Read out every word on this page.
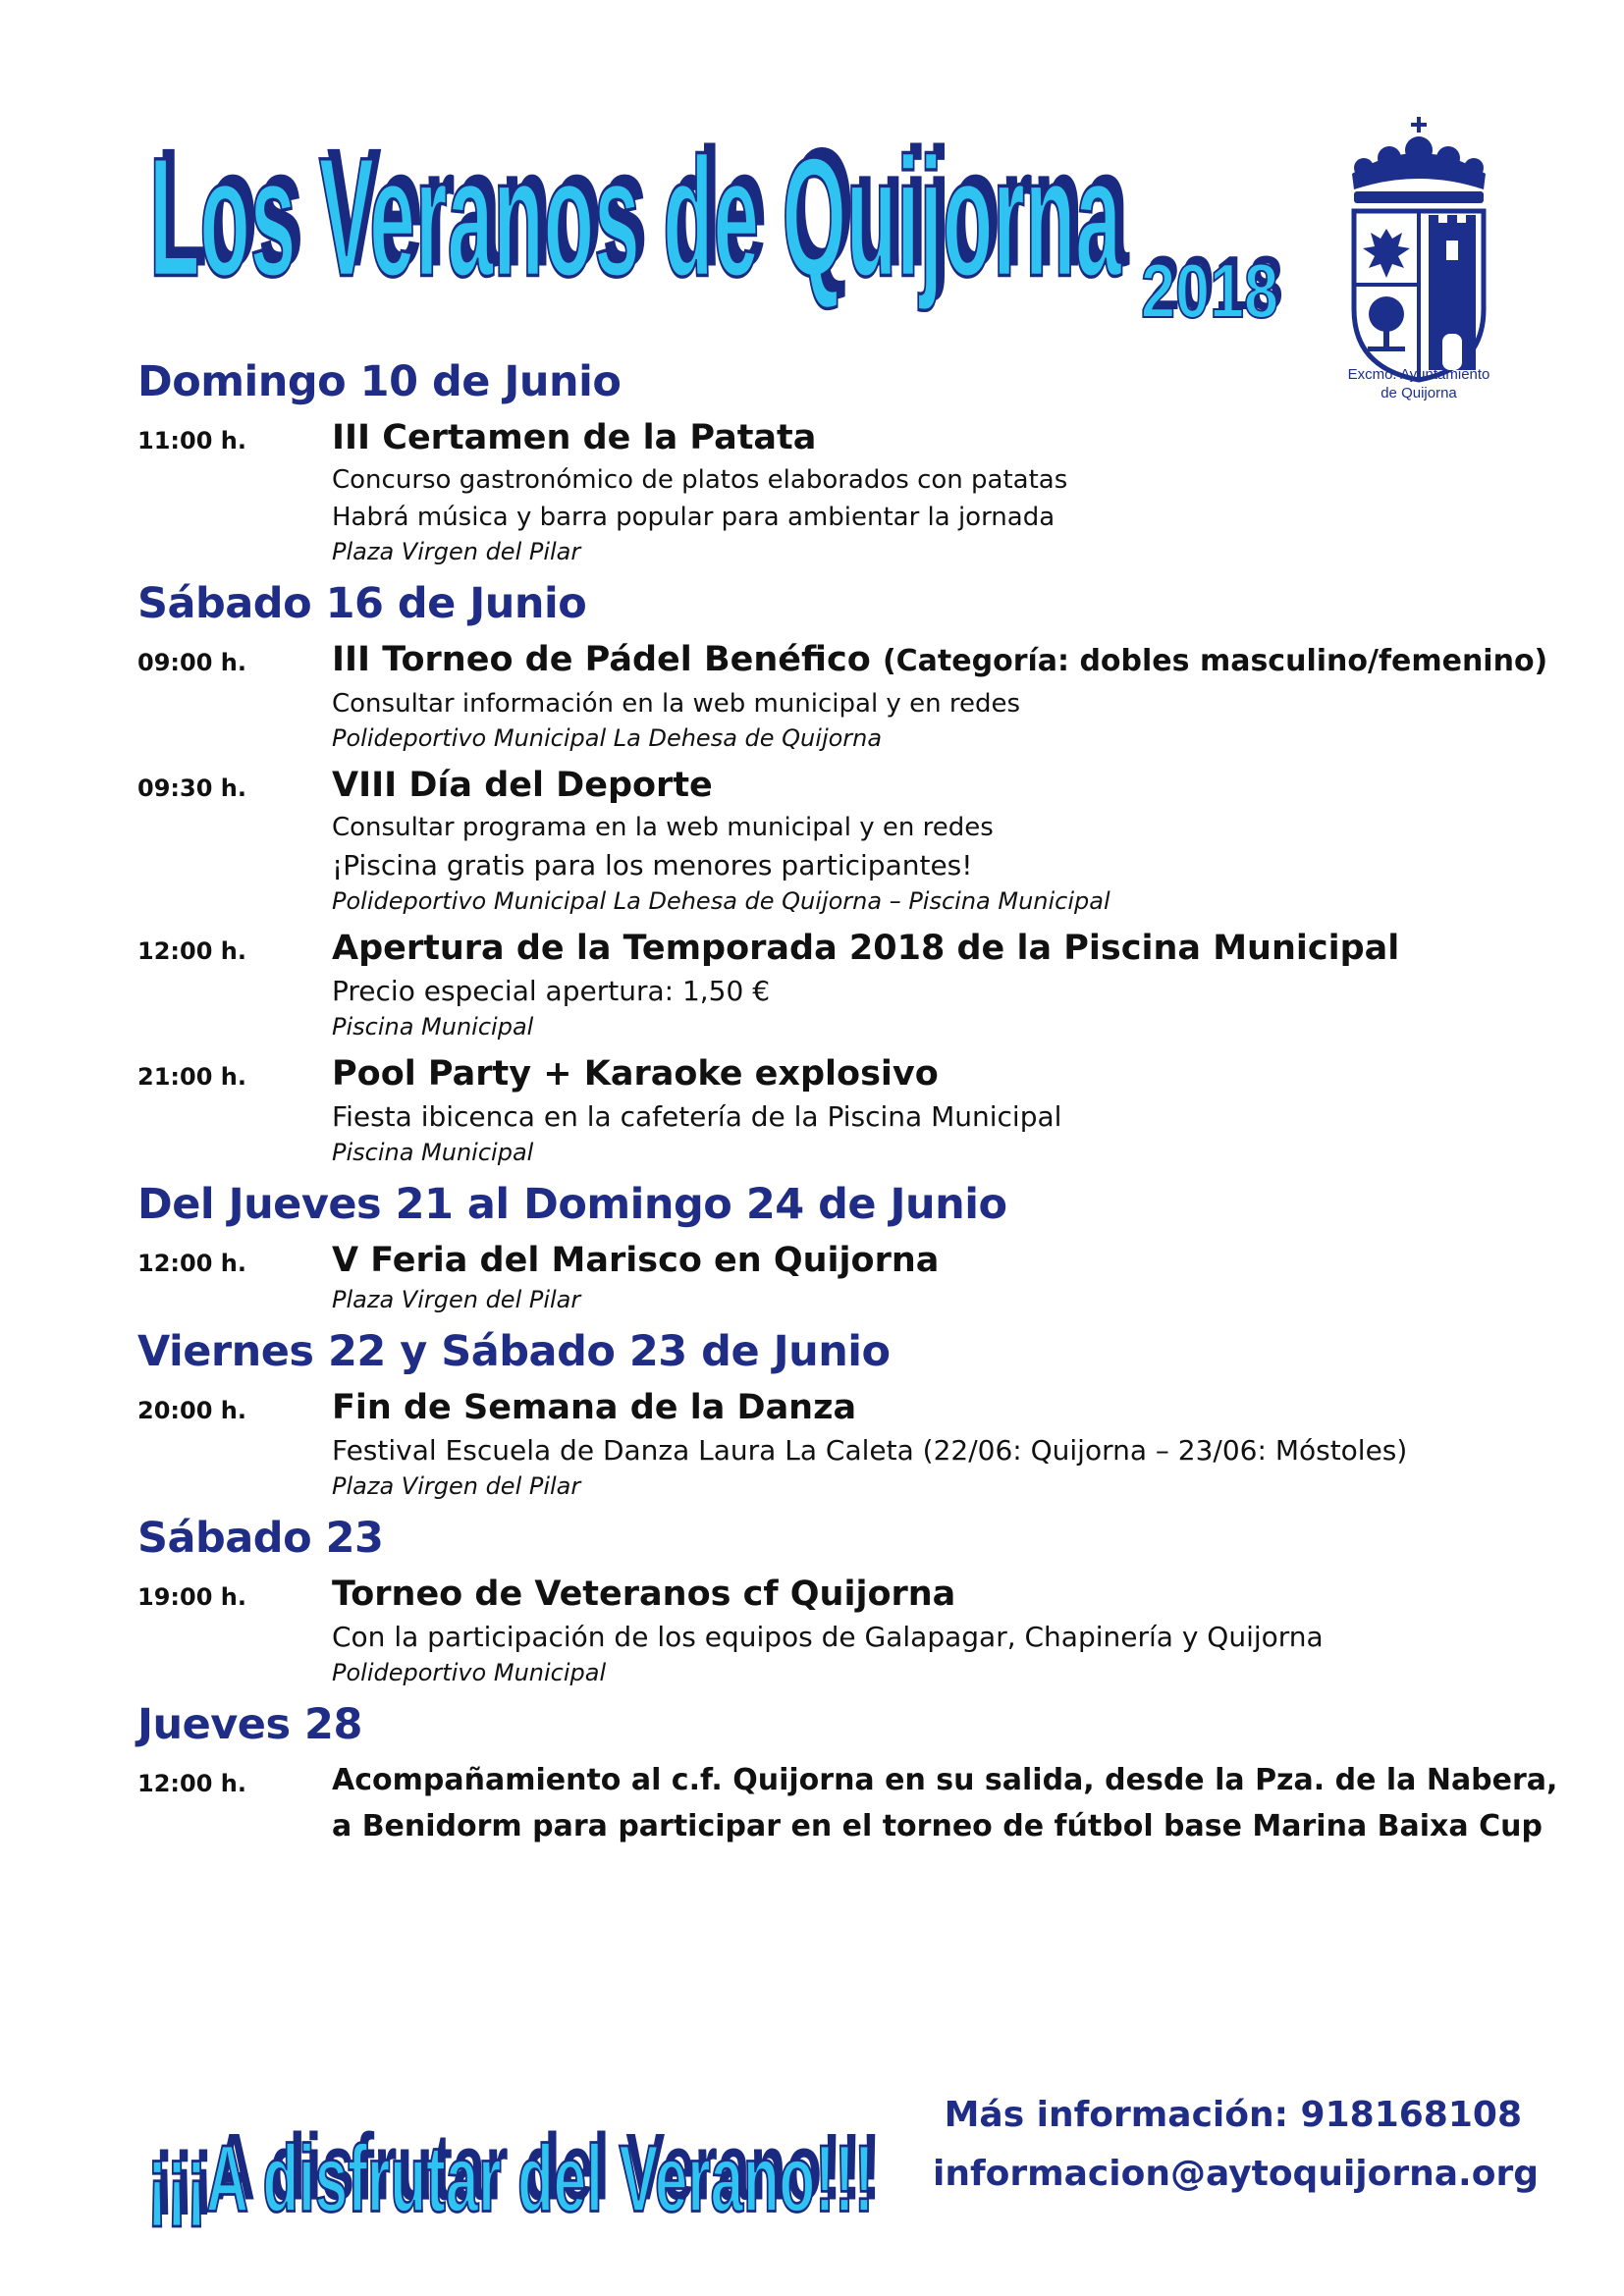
Los Veranos de Quijorna
Los Veranos de Quijorna 2018
2018
Excmo. Ayuntamiento
de Quijorna
Domingo 10 de Junio
11:00 h.	III Certamen de la Patata
Concurso gastronómico de platos elaborados con patatas
Habrá música y barra popular para ambientar la jornada
Plaza Virgen del Pilar
Sábado 16 de Junio
09:00 h.	III Torneo de Pádel Benéfico (Categoría: dobles masculino/femenino)
Consultar información en la web municipal y en redes
Polideportivo Municipal La Dehesa de Quijorna
09:30 h.	VIII Día del Deporte
Consultar programa en la web municipal y en redes
¡Piscina gratis para los menores participantes!
Polideportivo Municipal La Dehesa de Quijorna – Piscina Municipal
12:00 h.	Apertura de la Temporada 2018 de la Piscina Municipal
Precio especial apertura: 1,50 €
Piscina Municipal
21:00 h.	Pool Party + Karaoke explosivo
Fiesta ibicenca en la cafetería de la Piscina Municipal
Piscina Municipal
Del Jueves 21 al Domingo 24 de Junio
12:00 h.	V Feria del Marisco en Quijorna
Plaza Virgen del Pilar
Viernes 22 y Sábado 23 de Junio
20:00 h.	Fin de Semana de la Danza
Festival Escuela de Danza Laura La Caleta (22/06: Quijorna – 23/06: Móstoles)
Plaza Virgen del Pilar
Sábado 23
19:00 h.	Torneo de Veteranos cf Quijorna
Con la participación de los equipos de Galapagar, Chapinería y Quijorna
Polideportivo Municipal
Jueves 28
12:00 h.	Acompañamiento al c.f. Quijorna en su salida, desde la Pza. de la Nabera,
a Benidorm para participar en el torneo de fútbol base Marina Baixa Cup
¡¡¡A disfrutar del Verano!!!
¡¡¡A disfrutar del Verano!!!
Más información: 918168108
informacion@aytoquijorna.org
